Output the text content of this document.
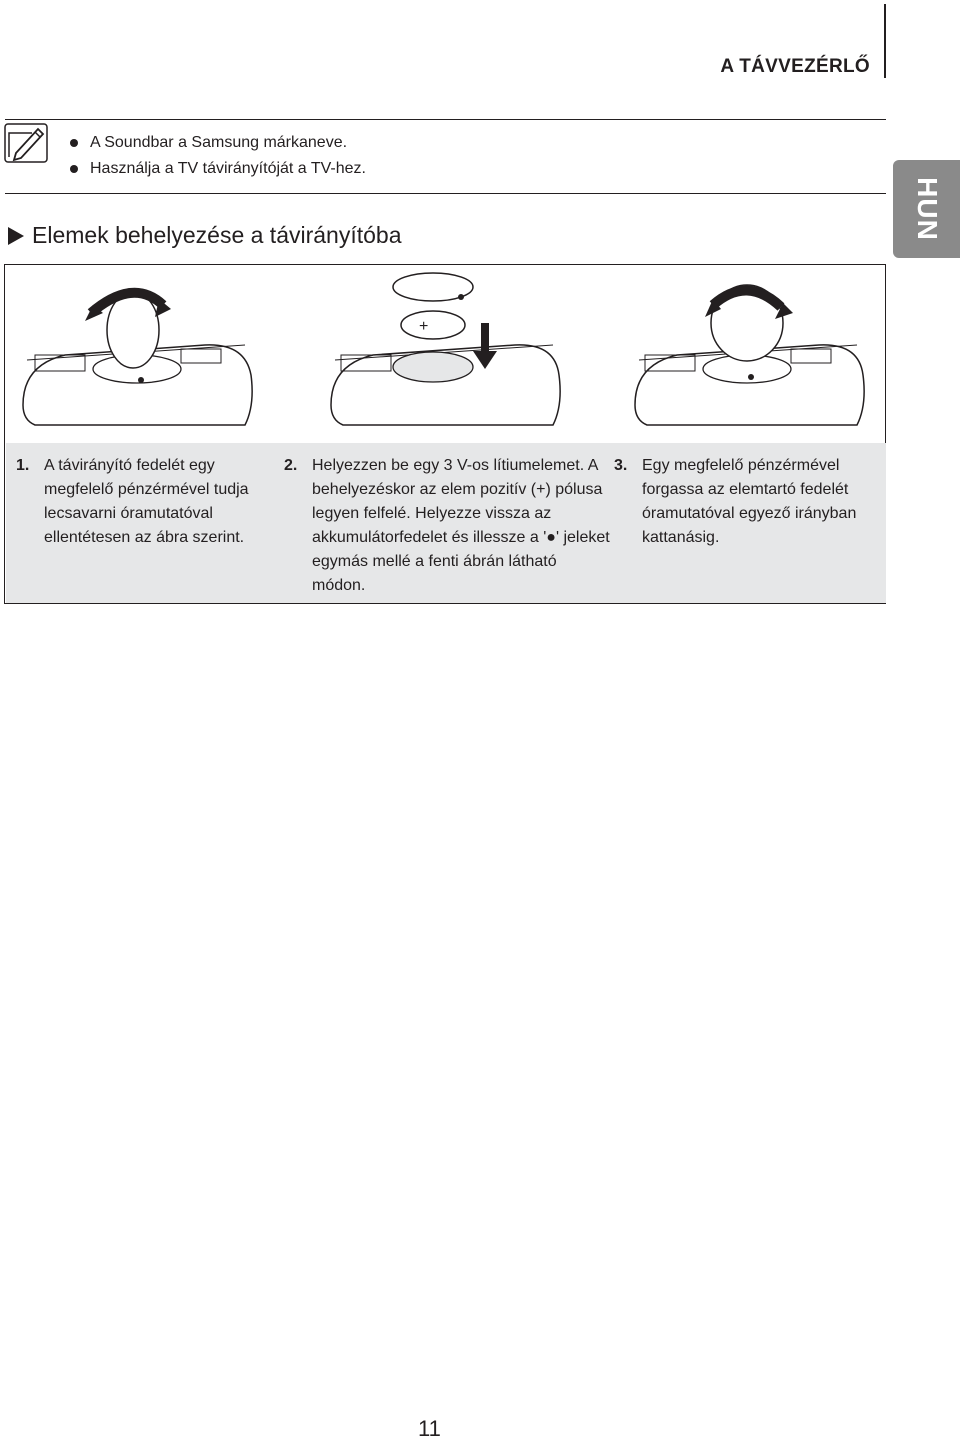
A TÁVVEZÉRLŐ
A Soundbar a Samsung márkaneve.
Használja a TV távirányítóját a TV-hez.
HUN
Elemek behelyezése a távirányítóba
+
1. A távirányító fedelét egy megfelelő pénzérmével tudja lecsavarni óramutatóval ellentétesen az ábra szerint.
2. Helyezzen be egy 3 V-os lítiumelemet. A behelyezéskor az elem pozitív (+) pólusa legyen felfelé. Helyezze vissza az akkumulátorfedelet és illessze a '●' jeleket egymás mellé a fenti ábrán látható módon.
3. Egy megfelelő pénzérmével forgassa az elemtartó fedelét óramutatóval egyező irányban kattanásig.
11
